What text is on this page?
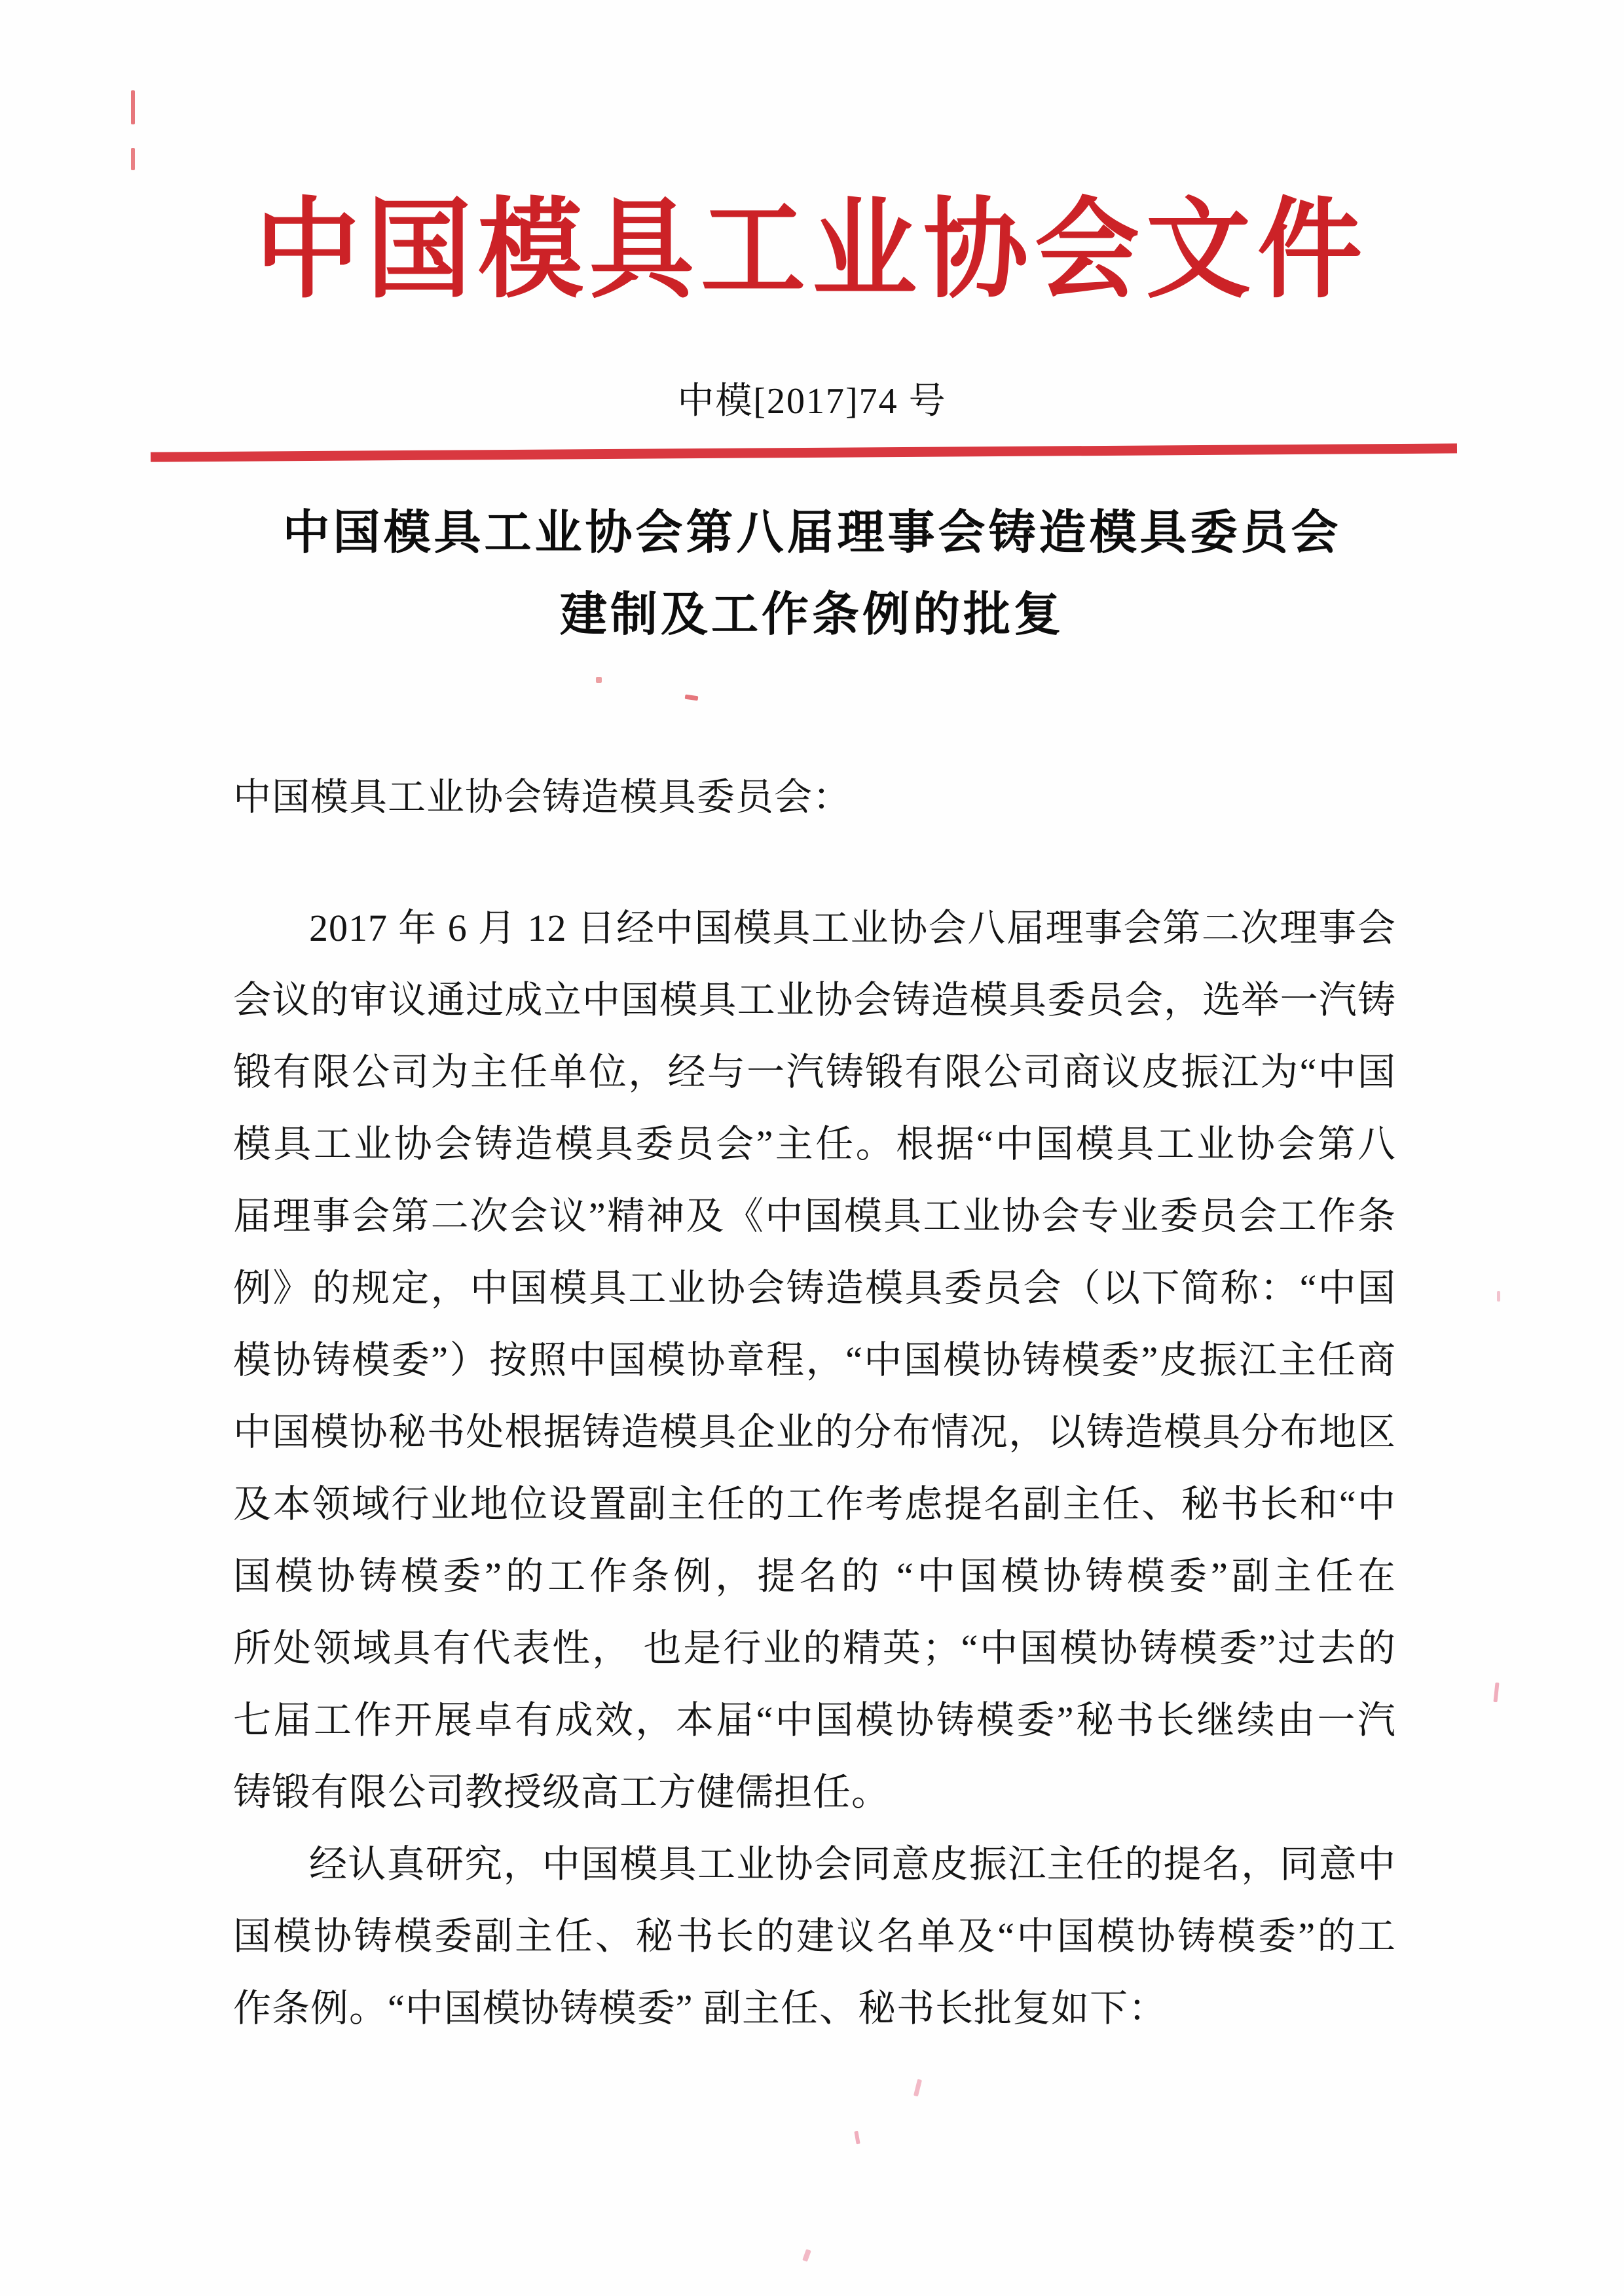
中国模具工业协会文件
中模[2017]74 号
中国模具工业协会第八届理事会铸造模具委员会
建制及工作条例的批复
中国模具工业协会铸造模具委员会：
2017 年 6 月 12 日经中国模具工业协会八届理事会第二次理事会
会议的审议通过成立中国模具工业协会铸造模具委员会，选举一汽铸
锻有限公司为主任单位，经与一汽铸锻有限公司商议皮振江为“中国
模具工业协会铸造模具委员会”主任。根据“中国模具工业协会第八
届理事会第二次会议”精神及《中国模具工业协会专业委员会工作条
例》的规定，中国模具工业协会铸造模具委员会（以下简称：“中国
模协铸模委”）按照中国模协章程，“中国模协铸模委”皮振江主任商
中国模协秘书处根据铸造模具企业的分布情况，以铸造模具分布地区
及本领域行业地位设置副主任的工作考虑提名副主任、秘书长和“中
国模协铸模委”的工作条例，提名的 “中国模协铸模委”副主任在
所处领域具有代表性， 也是行业的精英；“中国模协铸模委”过去的
七届工作开展卓有成效，本届“中国模协铸模委”秘书长继续由一汽
铸锻有限公司教授级高工方健儒担任。
经认真研究，中国模具工业协会同意皮振江主任的提名，同意中
国模协铸模委副主任、秘书长的建议名单及“中国模协铸模委”的工
作条例。“中国模协铸模委” 副主任、秘书长批复如下：
